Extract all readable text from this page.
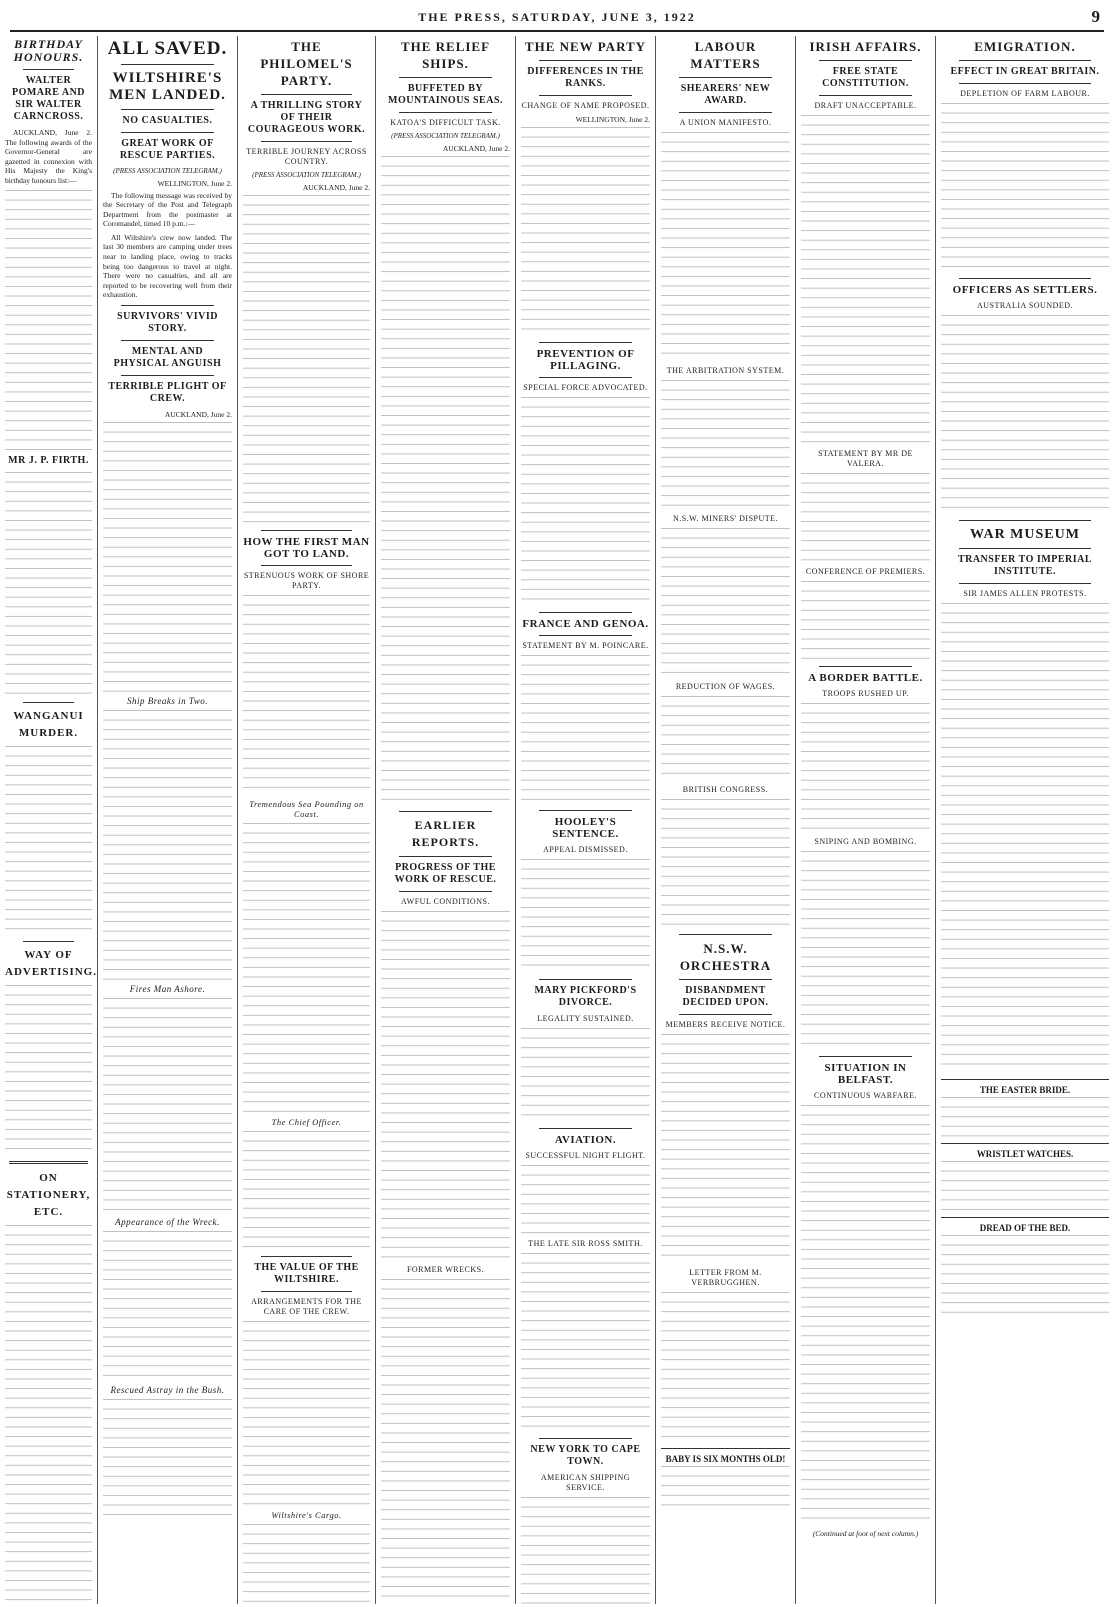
THE PRESS, SATURDAY, JUNE 3, 1922	9
BIRTHDAY HONOURS.
WALTER POMARE AND SIR WALTER CARNCROSS.
AUCKLAND, June 2. The following awards of the Governor-General are gazetted in connexion with His Majesty the King's birthday honours list:—
MR J. P. FIRTH.
WANGANUI MURDER.
WAY OF ADVERTISING.
ON STATIONERY, ETC.
ALL SAVED.
WILTSHIRE'S MEN LANDED.
NO CASUALTIES.
GREAT WORK OF RESCUE PARTIES.
(PRESS ASSOCIATION TELEGRAM.)
WELLINGTON, June 2.
The following message was received by the Secretary of the Post and Telegraph Department from the postmaster at Coromandel, timed 10 p.m.:—
All Wiltshire's crew now landed. The last 30 members are camping under trees near to landing place, owing to tracks being too dangerous to travel at night. There were no casualties, and all are reported to be recovering well from their exhaustion.
SURVIVORS' VIVID STORY.
MENTAL AND PHYSICAL ANGUISH
TERRIBLE PLIGHT OF CREW.
AUCKLAND, June 2.
Ship Breaks in Two.
Fires Man Ashore.
Appearance of the Wreck.
Rescued Astray in the Bush.
THE PHILOMEL'S PARTY.
A THRILLING STORY OF THEIR COURAGEOUS WORK.
TERRIBLE JOURNEY ACROSS COUNTRY.
(PRESS ASSOCIATION TELEGRAM.)
AUCKLAND, June 2.
HOW THE FIRST MAN GOT TO LAND.
STRENUOUS WORK OF SHORE PARTY.
Tremendous Sea Pounding on Coast.
The Chief Officer.
THE VALUE OF THE WILTSHIRE.
ARRANGEMENTS FOR THE CARE OF THE CREW.
Wiltshire's Cargo.
THE RELIEF SHIPS.
BUFFETED BY MOUNTAINOUS SEAS.
KATOA'S DIFFICULT TASK.
(PRESS ASSOCIATION TELEGRAM.)
AUCKLAND, June 2.
EARLIER REPORTS.
PROGRESS OF THE WORK OF RESCUE.
AWFUL CONDITIONS.
FORMER WRECKS.
THE NEW PARTY
DIFFERENCES IN THE RANKS.
CHANGE OF NAME PROPOSED.
WELLINGTON, June 2.
PREVENTION OF PILLAGING.
SPECIAL FORCE ADVOCATED.
FRANCE AND GENOA.
STATEMENT BY M. POINCARE.
HOOLEY'S SENTENCE.
APPEAL DISMISSED.
MARY PICKFORD'S DIVORCE.
LEGALITY SUSTAINED.
AVIATION.
SUCCESSFUL NIGHT FLIGHT.
THE LATE SIR ROSS SMITH.
NEW YORK TO CAPE TOWN.
AMERICAN SHIPPING SERVICE.
LABOUR MATTERS
SHEARERS' NEW AWARD.
A UNION MANIFESTO.
THE ARBITRATION SYSTEM.
N.S.W. MINERS' DISPUTE.
REDUCTION OF WAGES.
BRITISH CONGRESS.
N.S.W. ORCHESTRA
DISBANDMENT DECIDED UPON.
MEMBERS RECEIVE NOTICE.
LETTER FROM M. VERBRUGGHEN.
BABY IS SIX MONTHS OLD!
IRISH AFFAIRS.
FREE STATE CONSTITUTION.
DRAFT UNACCEPTABLE.
STATEMENT BY MR DE VALERA.
CONFERENCE OF PREMIERS.
A BORDER BATTLE.
TROOPS RUSHED UP.
SNIPING AND BOMBING.
SITUATION IN BELFAST.
CONTINUOUS WARFARE.
(Continued at foot of next column.)
EMIGRATION.
EFFECT IN GREAT BRITAIN.
DEPLETION OF FARM LABOUR.
OFFICERS AS SETTLERS.
AUSTRALIA SOUNDED.
WAR MUSEUM
TRANSFER TO IMPERIAL INSTITUTE.
SIR JAMES ALLEN PROTESTS.
THE EASTER BRIDE.
WRISTLET WATCHES.
DREAD OF THE BED.
